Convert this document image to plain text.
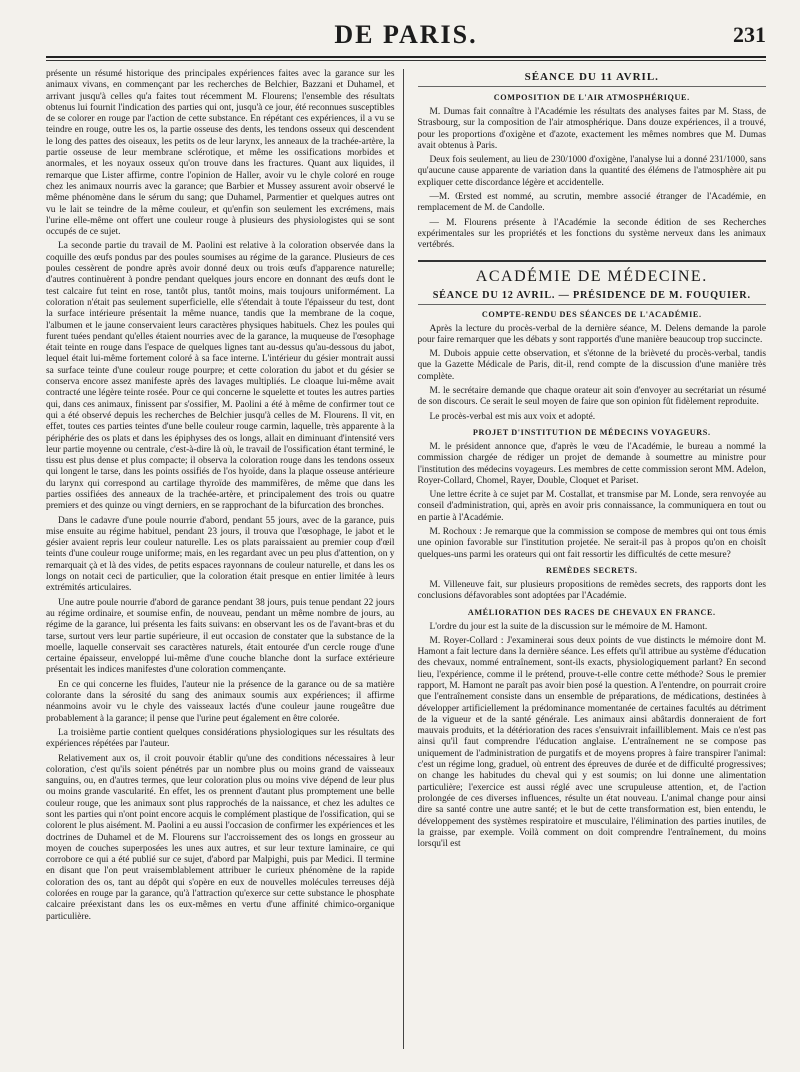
DE PARIS.	231

présente un résumé historique des principales expériences faites avec la garance sur les animaux vivans, en commençant par les recherches de Belchier, Bazzani et Duhamel, et arrivant jusqu'à celles qu'a faites tout récemment M. Flourens; l'ensemble des résultats obtenus lui fournit l'indication des parties qui ont, jusqu'à ce jour, été reconnues susceptibles de se colorer en rouge par l'action de cette substance. En répétant ces expériences, il a vu se teindre en rouge, outre les os, la partie osseuse des dents, les tendons osseux qui descendent le long des pattes des oiseaux, les petits os de leur larynx, les anneaux de la trachée-artère, la partie osseuse de leur membrane sclérotique, et même les ossifications morbides et anormales, et les noyaux osseux qu'on trouve dans les fractures. Quant aux liquides, il remarque que Lister affirme, contre l'opinion de Haller, avoir vu le chyle coloré en rouge chez les animaux nourris avec la garance; que Barbier et Mussey assurent avoir observé le même phénomène dans le sérum du sang; que Duhamel, Parmentier et quelques autres ont vu le lait se teindre de la même couleur, et qu'enfin son seulement les excrémens, mais l'urine elle-même ont offert une couleur rouge à plusieurs des physiologistes qui se sont occupés de ce sujet.

La seconde partie du travail de M. Paolini est relative à la coloration observée dans la coquille des œufs pondus par des poules soumises au régime de la garance. Plusieurs de ces poules cessèrent de pondre après avoir donné deux ou trois œufs d'apparence naturelle; d'autres continuèrent à pondre pendant quelques jours encore en donnant des œufs dont le test calcaire fut teint en rose, tantôt plus, tantôt moins, mais toujours uniformément. La coloration n'était pas seulement superficielle, elle s'étendait à toute l'épaisseur du test, dont la surface intérieure présentait la même nuance, tandis que la membrane de la coque, l'albumen et le jaune conservaient leurs caractères physiques habituels. Chez les poules qui furent tuées pendant qu'elles étaient nourries avec de la garance, la muqueuse de l'œsophage était teinte en rouge dans l'espace de quelques lignes tant au-dessus qu'au-dessous du jabot, lequel était lui-même fortement coloré à sa face interne. L'intérieur du gésier montrait aussi sa surface teinte d'une couleur rouge pourpre; et cette coloration du jabot et du gésier se conserva encore assez manifeste après des lavages multipliés. Le cloaque lui-même avait contracté une légère teinte rosée. Pour ce qui concerne le squelette et toutes les autres parties qui, dans ces animaux, finissent par s'ossifier, M. Paolini a été à même de confirmer tout ce qui a été observé depuis les recherches de Belchier jusqu'à celles de M. Flourens. Il vit, en effet, toutes ces parties teintes d'une belle couleur rouge carmin, laquelle, très apparente à la périphérie des os plats et dans les épiphyses des os longs, allait en diminuant d'intensité vers leur partie moyenne ou centrale, c'est-à-dire là où, le travail de l'ossification étant terminé, le tissu est plus dense et plus compacte; il observa la coloration rouge dans les tendons osseux qui longent le tarse, dans les points ossifiés de l'os hyoïde, dans la plaque osseuse antérieure du larynx qui correspond au cartilage thyroïde des mammifères, de même que dans les parties ossifiées des anneaux de la trachée-artère, et principalement des trois ou quatre premiers et des quinze ou vingt derniers, en se rapprochant de la bifurcation des bronches.

Dans le cadavre d'une poule nourrie d'abord, pendant 55 jours, avec de la garance, puis mise ensuite au régime habituel, pendant 23 jours, il trouva que l'œsophage, le jabot et le gésier avaient repris leur couleur naturelle. Les os plats paraissaient au premier coup d'œil teints d'une couleur rouge uniforme; mais, en les regardant avec un peu plus d'attention, on y remarquait çà et là des vides, de petits espaces rayonnans de couleur naturelle, et dans les os longs on notait ceci de particulier, que la coloration était presque en entier limitée à leurs extrémités articulaires.

Une autre poule nourrie d'abord de garance pendant 38 jours, puis tenue pendant 22 jours au régime ordinaire, et soumise enfin, de nouveau, pendant un même nombre de jours, au régime de la garance, lui présenta les faits suivans: en observant les os de l'avant-bras et du tarse, surtout vers leur partie supérieure, il eut occasion de constater que la substance de la moelle, laquelle conservait ses caractères naturels, était entourée d'un cercle rouge d'une certaine épaisseur, enveloppé lui-même d'une couche blanche dont la surface extérieure présentait les indices manifestes d'une coloration commençante.

En ce qui concerne les fluides, l'auteur nie la présence de la garance ou de sa matière colorante dans la sérosité du sang des animaux soumis aux expériences; il affirme néanmoins avoir vu le chyle des vaisseaux lactés d'une couleur jaune rougeâtre due probablement à la garance; il pense que l'urine peut également en être colorée.

La troisième partie contient quelques considérations physiologiques sur les résultats des expériences répétées par l'auteur.

Relativement aux os, il croit pouvoir établir qu'une des conditions nécessaires à leur coloration, c'est qu'ils soient pénétrés par un nombre plus ou moins grand de vaisseaux sanguins, ou, en d'autres termes, que leur coloration plus ou moins vive dépend de leur plus ou moins grande vascularité. En effet, les os prennent d'autant plus promptement une belle couleur rouge, que les animaux sont plus rapprochés de la naissance, et chez les adultes ce sont les parties qui n'ont point encore acquis le complément plastique de l'ossification, qui se colorent le plus aisément. M. Paolini a eu aussi l'occasion de confirmer les expériences et les doctrines de Duhamel et de M. Flourens sur l'accroissement des os longs en grosseur au moyen de couches superposées les unes aux autres, et sur leur texture laminaire, ce qui corrobore ce qui a été publié sur ce sujet, d'abord par Malpighi, puis par Medici. Il termine en disant que l'on peut vraisemblablement attribuer le curieux phénomène de la rapide coloration des os, tant au dépôt qui s'opère en eux de nouvelles molécules terreuses déjà colorées en rouge par la garance, qu'à l'attraction qu'exerce sur cette substance le phosphate calcaire préexistant dans les os eux-mêmes en vertu d'une affinité chimico-organique particulière.

SÉANCE DU 11 AVRIL.
COMPOSITION DE L'AIR ATMOSPHÉRIQUE.

M. Dumas fait connaître à l'Académie les résultats des analyses faites par M. Stass, de Strasbourg, sur la composition de l'air atmosphérique. Dans douze expériences, il a trouvé, pour les proportions d'oxigène et d'azote, exactement les mêmes nombres que M. Dumas avait obtenus à Paris.

Deux fois seulement, au lieu de 230/1000 d'oxigène, l'analyse lui a donné 231/1000, sans qu'aucune cause apparente de variation dans la quantité des élémens de l'atmosphère ait pu expliquer cette discordance légère et accidentelle.

—M. Œrsted est nommé, au scrutin, membre associé étranger de l'Académie, en remplacement de M. de Candolle.

— M. Flourens présente à l'Académie la seconde édition de ses Recherches expérimentales sur les propriétés et les fonctions du système nerveux dans les animaux vertébrés.

ACADÉMIE DE MÉDECINE.
SÉANCE DU 12 AVRIL. — PRÉSIDENCE DE M. FOUQUIER.
COMPTE-RENDU DES SÉANCES DE L'ACADÉMIE.

Après la lecture du procès-verbal de la dernière séance, M. Delens demande la parole pour faire remarquer que les débats y sont rapportés d'une manière beaucoup trop succincte.

M. Dubois appuie cette observation, et s'étonne de la brièveté du procès-verbal, tandis que la Gazette Médicale de Paris, dit-il, rend compte de la discussion d'une manière très complète.

M. le secrétaire demande que chaque orateur ait soin d'envoyer au secrétariat un résumé de son discours. Ce serait le seul moyen de faire que son opinion fût fidèlement reproduite.

Le procès-verbal est mis aux voix et adopté.

PROJET D'INSTITUTION DE MÉDECINS VOYAGEURS.

M. le président annonce que, d'après le vœu de l'Académie, le bureau a nommé la commission chargée de rédiger un projet de demande à soumettre au ministre pour l'institution des médecins voyageurs. Les membres de cette commission seront MM. Adelon, Royer-Collard, Chomel, Rayer, Double, Cloquet et Pariset.

Une lettre écrite à ce sujet par M. Costallat, et transmise par M. Londe, sera renvoyée au conseil d'administration, qui, après en avoir pris connaissance, la communiquera en tout ou en partie à l'Académie.

M. Rochoux : Je remarque que la commission se compose de membres qui ont tous émis une opinion favorable sur l'institution projetée. Ne serait-il pas à propos qu'on en choisît quelques-uns parmi les orateurs qui ont fait ressortir les difficultés de cette mesure?

REMÈDES SECRETS.

M. Villeneuve fait, sur plusieurs propositions de remèdes secrets, des rapports dont les conclusions défavorables sont adoptées par l'Académie.

AMÉLIORATION DES RACES DE CHEVAUX EN FRANCE.

L'ordre du jour est la suite de la discussion sur le mémoire de M. Hamont.

M. Royer-Collard : J'examinerai sous deux points de vue distincts le mémoire dont M. Hamont a fait lecture dans la dernière séance. Les effets qu'il attribue au système d'éducation des chevaux, nommé entraînement, sont-ils exacts, physiologiquement parlant? En second lieu, l'expérience, comme il le prétend, prouve-t-elle contre cette méthode? Sous le premier rapport, M. Hamont ne paraît pas avoir bien posé la question. A l'entendre, on pourrait croire que l'entraînement consiste dans un ensemble de préparations, de médications, destinées à développer artificiellement la prédominance momentanée de certaines facultés au détriment de la vigueur et de la santé générale. Les animaux ainsi abâtardis donneraient de fort mauvais produits, et la détérioration des races s'ensuivrait infailliblement. Mais ce n'est pas ainsi qu'il faut comprendre l'éducation anglaise. L'entraînement ne se compose pas uniquement de l'administration de purgatifs et de moyens propres à faire transpirer l'animal: c'est un régime long, graduel, où entrent des épreuves de durée et de difficulté progressives; on change les habitudes du cheval qui y est soumis; on lui donne une alimentation particulière; l'exercice est aussi réglé avec une scrupuleuse attention, et, de l'action prolongée de ces diverses influences, résulte un état nouveau. L'animal change pour ainsi dire sa santé contre une autre santé; et le but de cette transformation est, bien entendu, le développement des systèmes respiratoire et musculaire, l'élimination des parties inutiles, de la graisse, par exemple. Voilà comment on doit comprendre l'entraînement, du moins lorsqu'il est
